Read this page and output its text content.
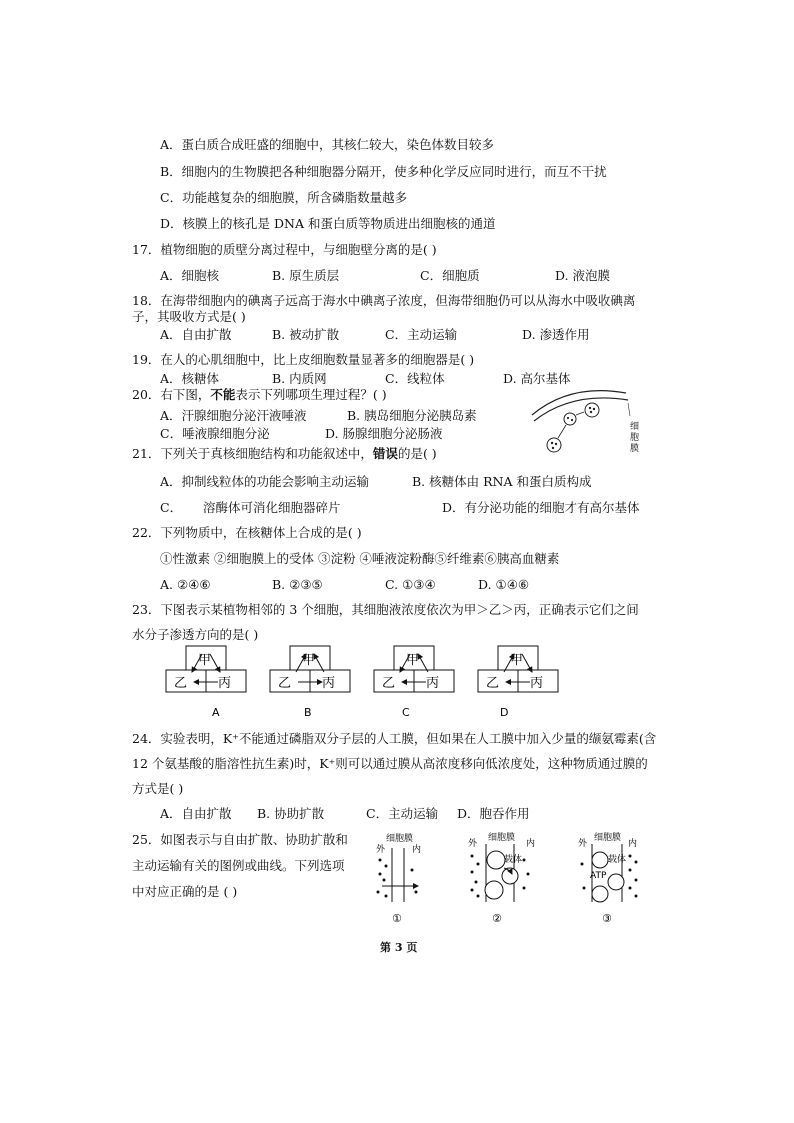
A．蛋白质合成旺盛的细胞中，其核仁较大，染色体数目较多
B．细胞内的生物膜把各种细胞器分隔开，使多种化学反应同时进行，而互不干扰
C．功能越复杂的细胞膜，所含磷脂数量越多
D．核膜上的核孔是 DNA 和蛋白质等物质进出细胞核的通道
17．植物细胞的质壁分离过程中，与细胞壁分离的是( )
A．细胞核	B. 原生质层	C．细胞质	D. 液泡膜
18．在海带细胞内的碘离子远高于海水中碘离子浓度，但海带细胞仍可以从海水中吸收碘离
子，其吸收方式是( )
A．自由扩散	B. 被动扩散	C．主动运输	D. 渗透作用
19．在人的心肌细胞中，比上皮细胞数量显著多的细胞器是( )
A．核糖体	B. 内质网	C．线粒体	D. 高尔基体
20．右下图，不能表示下列哪项生理过程？( )
A．汗腺细胞分泌汗液唾液	B. 胰岛细胞分泌胰岛素
C．唾液腺细胞分泌	D. 肠腺细胞分泌肠液	细
胞
膜
21．下列关于真核细胞结构和功能叙述中，错误的是( )
A．抑制线粒体的功能会影响主动运输	B. 核糖体由 RNA 和蛋白质构成
C． 溶酶体可消化细胞器碎片	D．有分泌功能的细胞才有高尔基体
22．下列物质中，在核糖体上合成的是( )
①性激素 ②细胞膜上的受体 ③淀粉 ④唾液淀粉酶⑤纤维素⑥胰高血糖素
A. ②④⑥	B. ②③⑤	C. ①③④	D. ①④⑥
23．下图表示某植物相邻的 3 个细胞，其细胞液浓度依次为甲＞乙＞丙，正确表示它们之间
水分子渗透方向的是( )
甲
乙 丙
甲
乙 丙
甲
乙 丙
甲
乙 丙
A	B	C	D
24．实验表明，K⁺不能通过磷脂双分子层的人工膜，但如果在人工膜中加入少量的缬氨霉素(含
12 个氨基酸的脂溶性抗生素)时，K⁺则可以通过膜从高浓度移向低浓度处，这种物质通过膜的
方式是( )
A．自由扩散 B. 协助扩散	C．主动运输 D．胞吞作用
25．如图表示与自由扩散、协助扩散和
主动运输有关的图例或曲线。下列选项
中对应正确的是 ( )
细胞膜
外	内
①
外
细胞膜
内
载体
②
外
细胞膜
内
载体
ATP
③
第 3 页
